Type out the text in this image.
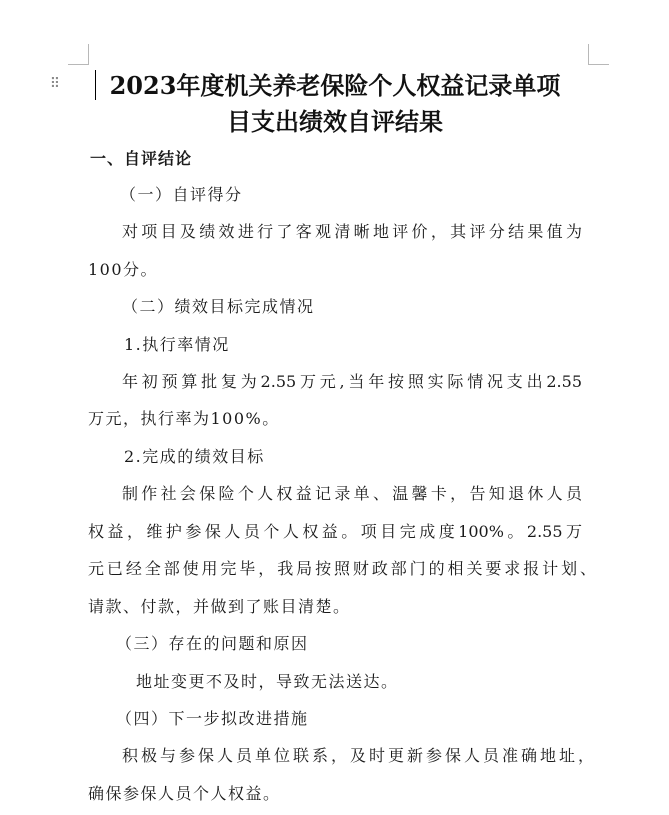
⠿	2023年度机关养老保险个人权益记录单项
目支出绩效自评结果
一、自评结论
（一）自评得分
对项目及绩效进行了客观清晰地评价，其评分结果值为
100分。
（二）绩效目标完成情况
1.执行率情况
年初预算批复为2.55万元,当年按照实际情况支出2.55
万元，执行率为100%。
2.完成的绩效目标
制作社会保险个人权益记录单、温馨卡，告知退休人员
权益，维护参保人员个人权益。项目完成度100%。2.55万
元已经全部使用完毕，我局按照财政部门的相关要求报计划、
请款、付款，并做到了账目清楚。
（三）存在的问题和原因
地址变更不及时，导致无法送达。
（四）下一步拟改进措施
积极与参保人员单位联系，及时更新参保人员准确地址，
确保参保人员个人权益。
